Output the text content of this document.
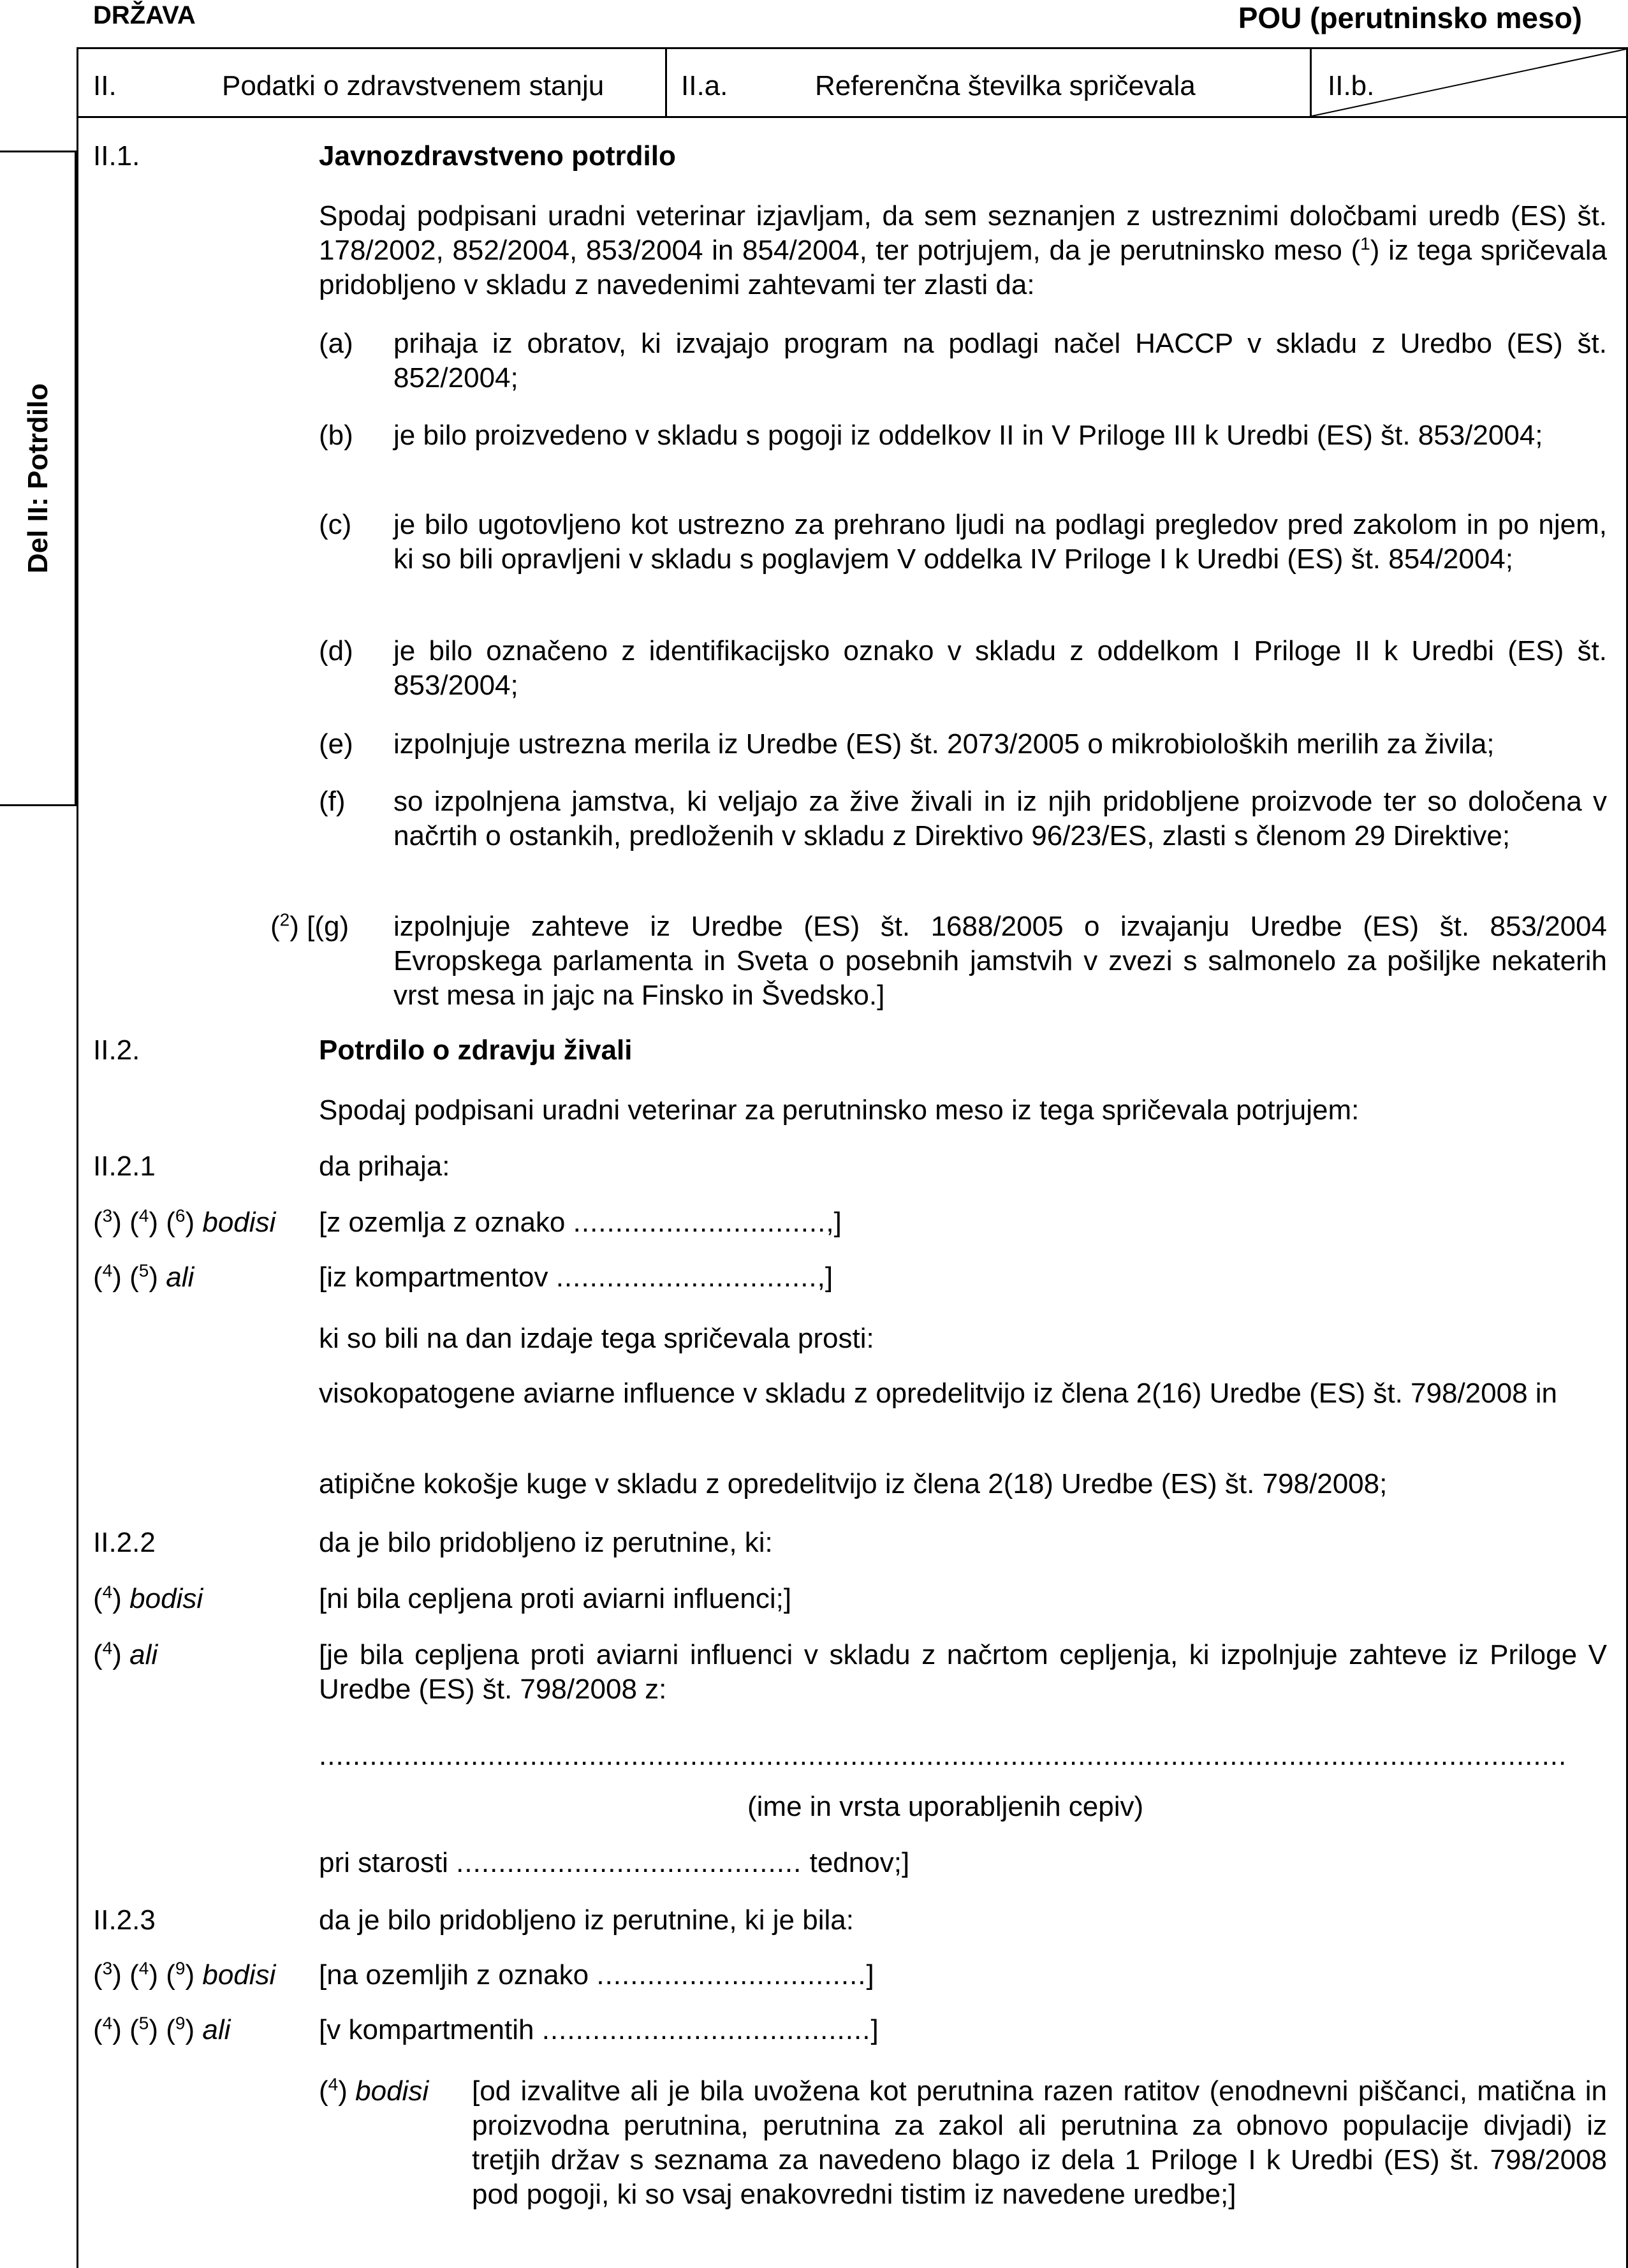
DRŽAVA	POU (perutninsko meso)
II.	Podatki o zdravstvenem stanju	II.a.	Referenčna številka spričevala	II.b.
Del II: Potrdilo
II.1.	Javnozdravstveno potrdilo
Spodaj podpisani uradni veterinar izjavljam, da sem seznanjen z ustreznimi določbami uredb (ES) št. 178/2002, 852/2004, 853/2004 in 854/2004, ter potrjujem, da je perutninsko meso ($^1$) iz tega spričevala pridobljeno v skladu z navedenimi zahtevami ter zlasti da:
(a) prihaja iz obratov, ki izvajajo program na podlagi načel HACCP v skladu z Uredbo (ES) št. 852/2004;
(b) je bilo proizvedeno v skladu s pogoji iz oddelkov II in V Priloge III k Uredbi (ES) št. 853/2004;
(c) je bilo ugotovljeno kot ustrezno za prehrano ljudi na podlagi pregledov pred zakolom in po njem, ki so bili opravljeni v skladu s poglavjem V oddelka IV Priloge I k Uredbi (ES) št. 854/2004;
(d) je bilo označeno z identifikacijsko oznako v skladu z oddelkom I Priloge II k Uredbi (ES) št. 853/2004;
(e) izpolnjuje ustrezna merila iz Uredbe (ES) št. 2073/2005 o mikrobioloških merilih za živila;
(f) so izpolnjena jamstva, ki veljajo za žive živali in iz njih pridobljene proizvode ter so določena v načrtih o ostankih, predloženih v skladu z Direktivo 96/23/ES, zlasti s členom 29 Direktive;
($^2$) [(g) izpolnjuje zahteve iz Uredbe (ES) št. 1688/2005 o izvajanju Uredbe (ES) št. 853/2004 Evropskega parlamenta in Sveta o posebnih jamstvih v zvezi s salmonelo za pošiljke nekaterih vrst mesa in jajc na Finsko in Švedsko.]
II.2.	Potrdilo o zdravju živali
Spodaj podpisani uradni veterinar za perutninsko meso iz tega spričevala potrjujem:
II.2.1	da prihaja:
($^3$) ($^4$) ($^6$) bodisi [z ozemlja z oznako ..............................,]
($^4$) ($^5$) ali	[iz kompartmentov ...............................,]
ki so bili na dan izdaje tega spričevala prosti:
visokopatogene aviarne influence v skladu z opredelitvijo iz člena 2(16) Uredbe (ES) št. 798/2008 in
atipične kokošje kuge v skladu z opredelitvijo iz člena 2(18) Uredbe (ES) št. 798/2008;
II.2.2	da je bilo pridobljeno iz perutnine, ki:
($^4$) bodisi	[ni bila cepljena proti aviarni influenci;]
($^4$) ali	[je bila cepljena proti aviarni influenci v skladu z načrtom cepljenja, ki izpolnjuje zahteve iz Priloge V Uredbe (ES) št. 798/2008 z:
....................................................................................................................................................
(ime in vrsta uporabljenih cepiv)
pri starosti ......................................... tednov;]
II.2.3	da je bilo pridobljeno iz perutnine, ki je bila:
($^3$) ($^4$) ($^9$) bodisi [na ozemljih z oznako ................................]
($^4$) ($^5$) ($^9$) ali	[v kompartmentih .......................................]
($^4$) bodisi [od izvalitve ali je bila uvožena kot perutnina razen ratitov (enodnevni piščanci, matična in proizvodna perutnina, perutnina za zakol ali perutnina za obnovo populacije divjadi) iz tretjih držav s seznama za navedeno blago iz dela 1 Priloge I k Uredbi (ES) št. 798/2008 pod pogoji, ki so vsaj enakovredni tistim iz navedene uredbe;]
